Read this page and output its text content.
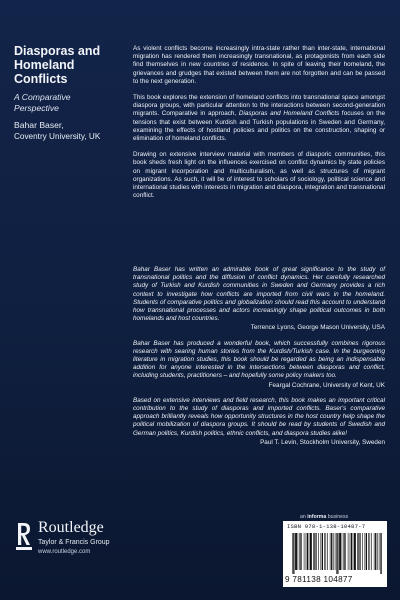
Diasporas and
Homeland
Conflicts
A Comparative
Perspective
Bahar Baser,
Coventry University, UK

As violent conflicts become increasingly intra-state rather than inter-state, international migration has rendered them increasingly transnational, as protagonists from each side find themselves in new countries of residence. In spite of leaving their homeland, the grievances and grudges that existed between them are not forgotten and can be passed to the next generation.

This book explores the extension of homeland conflicts into transnational space amongst diaspora groups, with particular attention to the interactions between second-generation migrants. Comparative in approach, Diasporas and Homeland Conflicts focuses on the tensions that exist between Kurdish and Turkish populations in Sweden and Germany, examining the effects of hostland policies and politics on the construction, shaping or elimination of homeland conflicts.

Drawing on extensive interview material with members of diasporic communities, this book sheds fresh light on the influences exercised on conflict dynamics by state policies on migrant incorporation and multiculturalism, as well as structures of migrant organizations. As such, it will be of interest to scholars of sociology, political science and international studies with interests in migration and diaspora, integration and transnational conflict.

Bahar Baser has written an admirable book of great significance to the study of transnational politics and the diffusion of conflict dynamics. Her carefully researched study of Turkish and Kurdish communities in Sweden and Germany provides a rich context to investigate how conflicts are imported from civil wars in the homeland. Students of comparative politics and globalization should read this account to understand how transnational processes and actors increasingly shape political outcomes in both homelands and host countries.

Terrence Lyons, George Mason University, USA

Bahar Baser has produced a wonderful book, which successfully combines rigorous research with searing human stories from the Kurdish/Turkish case. In the burgeoning literature in migration studies, this book should be regarded as being an indispensable addition for anyone interested in the intersections between diasporas and conflict, including students, practitioners – and hopefully some policy makers too.

Feargal Cochrane, University of Kent, UK

Based on extensive interviews and field research, this book makes an important critical contribution to the study of diasporas and imported conflicts. Baser's comparative approach brilliantly reveals how opportunity structures in the host country help shape the political mobilization of diaspora groups. It should be read by students of Swedish and German politics, Kurdish politics, ethnic conflicts, and diaspora studies alike!

Paul T. Levin, Stockholm University, Sweden

an informa business
ISBN 978-1-138-10487-7
9 781138 104877
Routledge
Taylor & Francis Group
www.routledge.com
